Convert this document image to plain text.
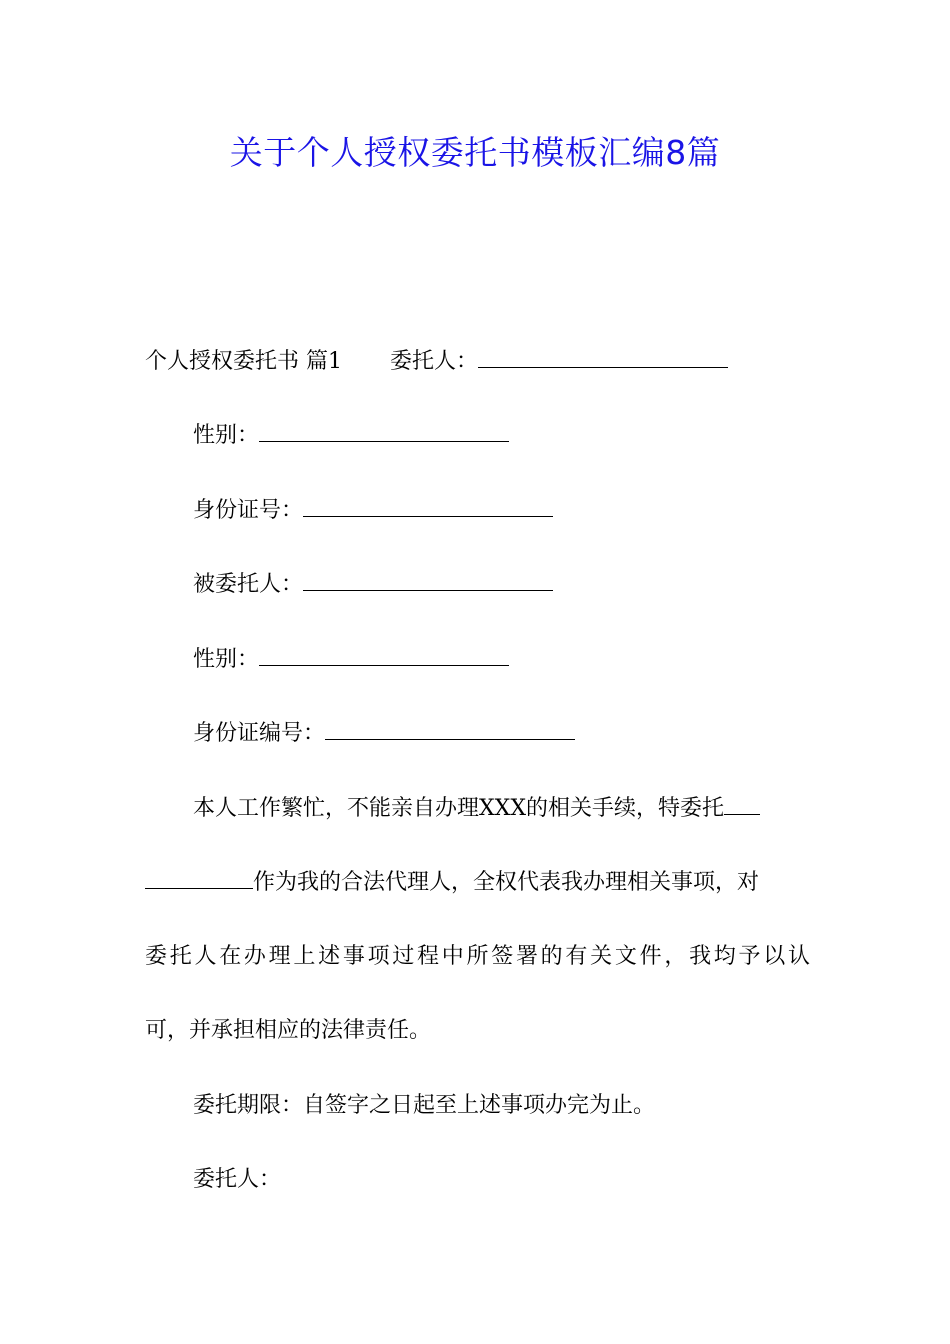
关于个人授权委托书模板汇编8篇
个人授权委托书 篇1 委托人：
性别：
身份证号：
被委托人：
性别：
身份证编号：
本人工作繁忙，不能亲自办理XXX的相关手续，特委托
作为我的合法代理人，全权代表我办理相关事项，对
委托人在办理上述事项过程中所签署的有关文件，我均予以认
可，并承担相应的法律责任。
委托期限：自签字之日起至上述事项办完为止。
委托人：
